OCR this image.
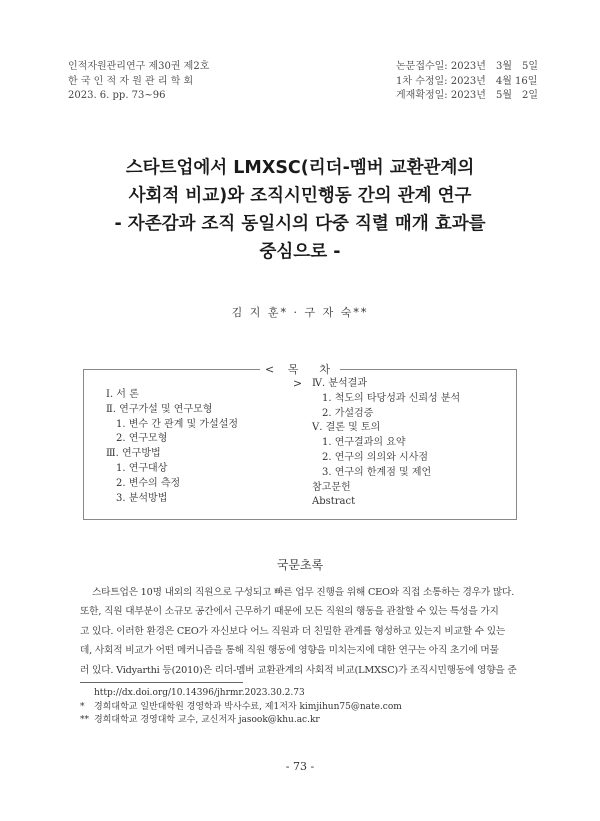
인적자원관리연구 제30권 제2호
한 국 인 적 자 원 관 리 학 회
2023. 6. pp. 73~96
논문접수일: 2023년　3월　5일
1차 수정일: 2023년　4월 16일
게재확정일: 2023년　5월　2일
스타트업에서 LMXSC(리더-멤버 교환관계의
사회적 비교)와 조직시민행동 간의 관계 연구
- 자존감과 조직 동일시의 다중 직렬 매개 효과를
중심으로 -
김 지 훈* · 구 자 숙**
< 목　차 >
Ⅰ. 서 론
Ⅱ. 연구가설 및 연구모형
1. 변수 간 관계 및 가설설정
2. 연구모형
Ⅲ. 연구방법
1. 연구대상
2. 변수의 측정
3. 분석방법
Ⅳ. 분석결과
1. 척도의 타당성과 신뢰성 분석
2. 가설검증
Ⅴ. 결론 및 토의
1. 연구결과의 요약
2. 연구의 의의와 시사점
3. 연구의 한계점 및 제언
참고문헌
Abstract
국문초록
스타트업은 10명 내외의 직원으로 구성되고 빠른 업무 진행을 위해 CEO와 직접 소통하는 경우가 많다.
또한, 직원 대부분이 소규모 공간에서 근무하기 때문에 모든 직원의 행동을 관찰할 수 있는 특성을 가지
고 있다. 이러한 환경은 CEO가 자신보다 어느 직원과 더 친밀한 관계를 형성하고 있는지 비교할 수 있는
데, 사회적 비교가 어떤 메커니즘을 통해 직원 행동에 영향을 미치는지에 대한 연구는 아직 초기에 머물
러 있다. Vidyarthi 등(2010)은 리더-멤버 교환관계의 사회적 비교(LMXSC)가 조직시민행동에 영향을 준
http://dx.doi.org/10.14396/jhrmr.2023.30.2.73
* 경희대학교 일반대학원 경영학과 박사수료, 제1저자 kimjihun75@nate.com
** 경희대학교 경영대학 교수, 교신저자 jasook@khu.ac.kr
- 73 -
